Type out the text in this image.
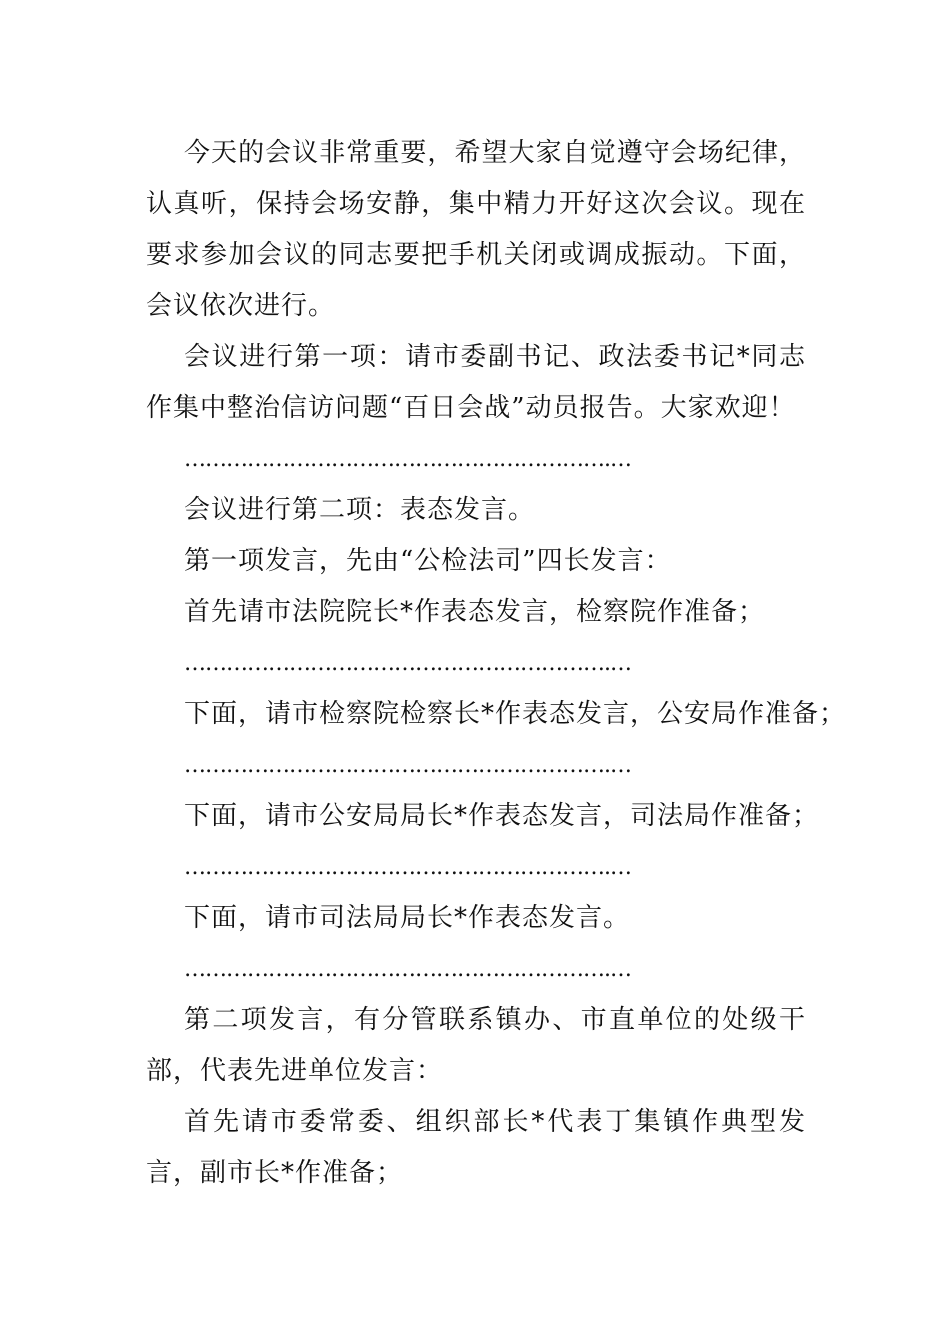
今天的会议非常重要，希望大家自觉遵守会场纪律，认真听，保持会场安静，集中精力开好这次会议。现在要求参加会议的同志要把手机关闭或调成振动。下面，会议依次进行。

会议进行第一项：请市委副书记、政法委书记*同志作集中整治信访问题“百日会战”动员报告。大家欢迎！

…………………………………………………….…

会议进行第二项：表态发言。

第一项发言，先由“公检法司”四长发言：

首先请市法院院长*作表态发言，检察院作准备；

…………………………………………………….…

下面，请市检察院检察长*作表态发言，公安局作准备；

…………………………………………………….…

下面，请市公安局局长*作表态发言，司法局作准备；

…………………………………………………….…

下面，请市司法局局长*作表态发言。

…………………………………………………….…

第二项发言，有分管联系镇办、市直单位的处级干部，代表先进单位发言：

首先请市委常委、组织部长*代表丁集镇作典型发言，副市长*作准备；
